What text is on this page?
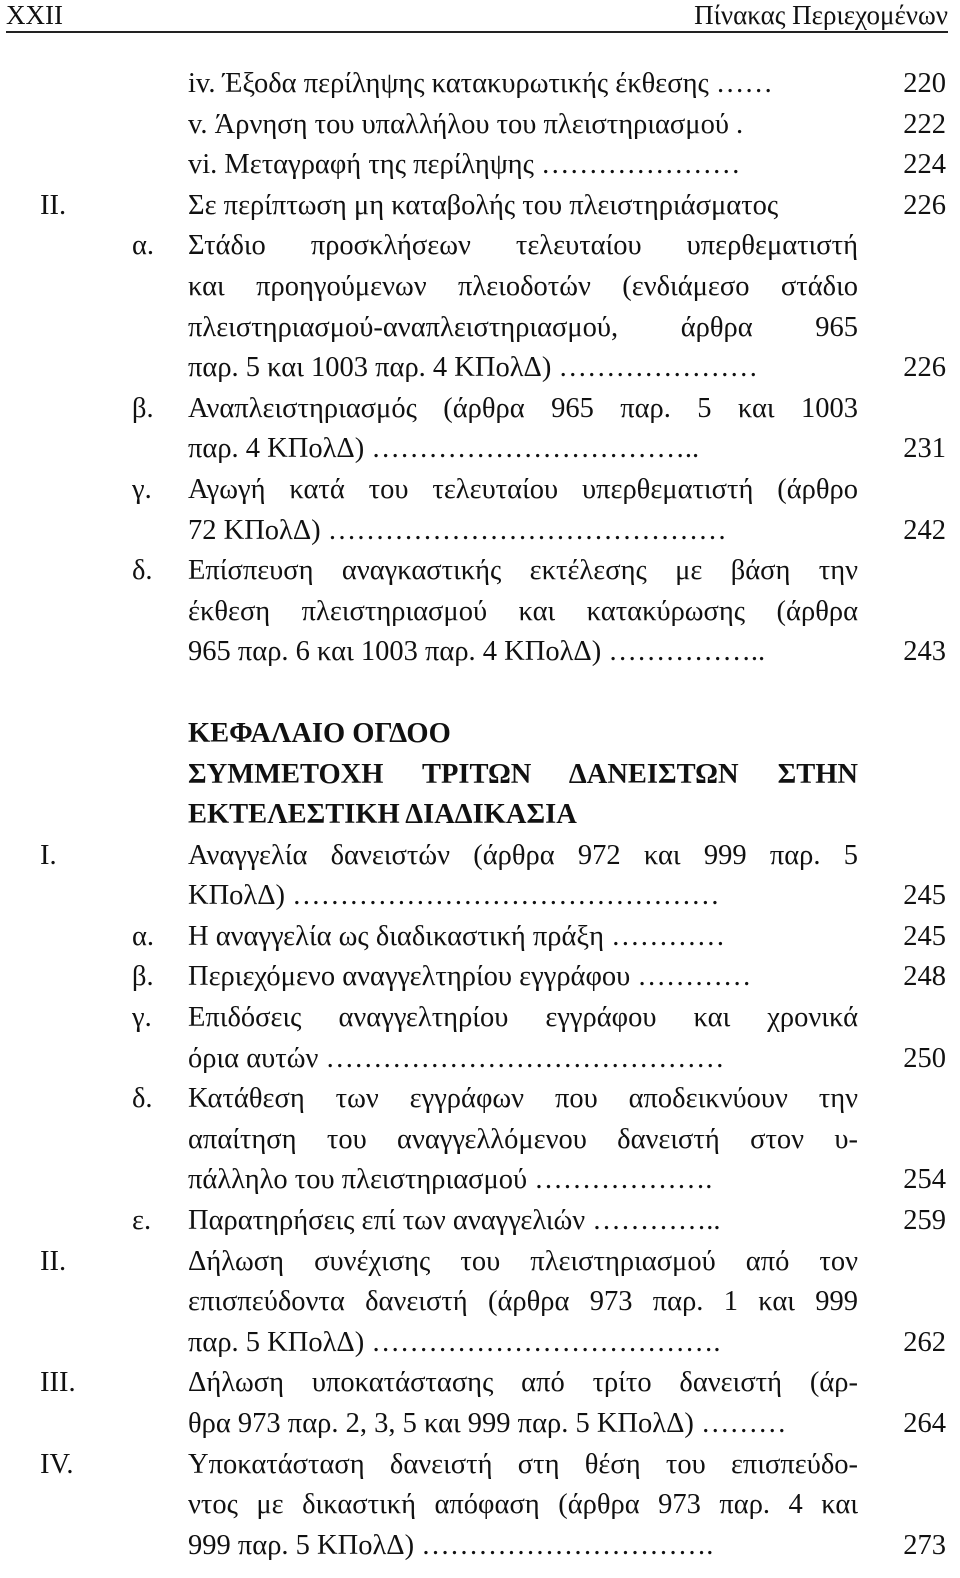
XXII	Πίνακας Περιεχομένων
iv. Έξοδα περίληψης κατακυρωτικής έκθεσης ……	220
v. Άρνηση του υπαλλήλου του πλειστηριασμού .	222
vi. Μεταγραφή της περίληψης …………………	224
II.	Σε περίπτωση μη καταβολής του πλειστηριάσματος	226
α. Στάδιο προσκλήσεων τελευταίου υπερθεματιστή
και προηγούμενων πλειοδοτών (ενδιάμεσο στάδιο
πλειστηριασμού-αναπλειστηριασμού, άρθρα 965
παρ. 5 και 1003 παρ. 4 ΚΠολΔ) …………………	226
β. Αναπλειστηριασμός (άρθρα 965 παρ. 5 και 1003
παρ. 4 ΚΠολΔ) ……………………………..	231
γ. Αγωγή κατά του τελευταίου υπερθεματιστή (άρθρο
72 ΚΠολΔ) ……………………………………	242
δ. Επίσπευση αναγκαστικής εκτέλεσης με βάση την
έκθεση πλειστηριασμού και κατακύρωσης (άρθρα
965 παρ. 6 και 1003 παρ. 4 ΚΠολΔ) ……………..	243
ΚΕΦΑΛΑΙΟ ΟΓΔΟΟ
ΣΥΜΜΕΤΟΧΗ ΤΡΙΤΩΝ ΔΑΝΕΙΣΤΩΝ ΣΤΗΝ
ΕΚΤΕΛΕΣΤΙΚΗ ΔΙΑΔΙΚΑΣΙΑ
I.	Αναγγελία δανειστών (άρθρα 972 και 999 παρ. 5
ΚΠολΔ) ………………………………………	245
α. Η αναγγελία ως διαδικαστική πράξη …………	245
β. Περιεχόμενο αναγγελτηρίου εγγράφου …………	248
γ. Επιδόσεις αναγγελτηρίου εγγράφου και χρονικά
όρια αυτών ……………………………………	250
δ. Κατάθεση των εγγράφων που αποδεικνύουν την
απαίτηση του αναγγελλόμενου δανειστή στον υ-
πάλληλο του πλειστηριασμού ……………….	254
ε. Παρατηρήσεις επί των αναγγελιών …………..	259
II.	Δήλωση συνέχισης του πλειστηριασμού από τον
επισπεύδοντα δανειστή (άρθρα 973 παρ. 1 και 999
παρ. 5 ΚΠολΔ) ……………………………….	262
III.	Δήλωση υποκατάστασης από τρίτο δανειστή (άρ-
θρα 973 παρ. 2, 3, 5 και 999 παρ. 5 ΚΠολΔ) ………	264
IV.	Υποκατάσταση δανειστή στη θέση του επισπεύδο-
ντος με δικαστική απόφαση (άρθρα 973 παρ. 4 και
999 παρ. 5 ΚΠολΔ) ………………………….	273
